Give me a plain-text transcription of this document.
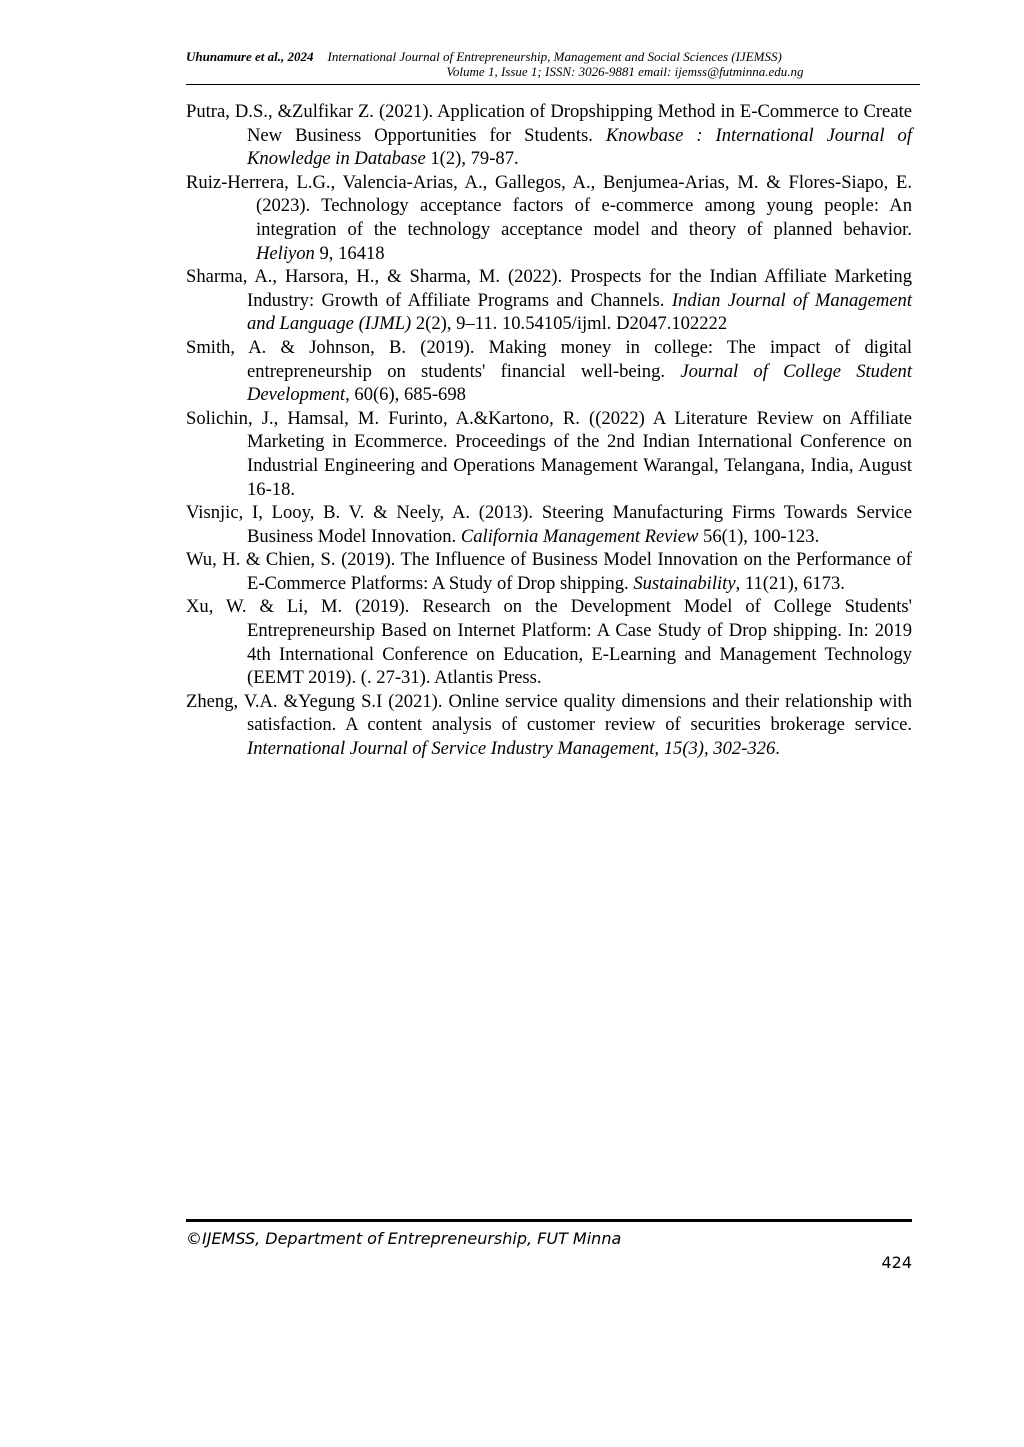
Uhunamure et al., 2024 International Journal of Entrepreneurship, Management and Social Sciences (IJEMSS)
Volume 1, Issue 1; ISSN: 3026-9881 email: ijemss@futminna.edu.ng

Putra, D.S., &Zulfikar Z. (2021). Application of Dropshipping Method in E-Commerce to Create New Business Opportunities for Students. Knowbase : International Journal of Knowledge in Database 1(2), 79-87.

Ruiz-Herrera, L.G., Valencia-Arias, A., Gallegos, A., Benjumea-Arias, M. & Flores-Siapo, E. (2023). Technology acceptance factors of e-commerce among young people: An integration of the technology acceptance model and theory of planned behavior. Heliyon 9, 16418

Sharma, A., Harsora, H., & Sharma, M. (2022). Prospects for the Indian Affiliate Marketing Industry: Growth of Affiliate Programs and Channels. Indian Journal of Management and Language (IJML) 2(2), 9–11. 10.54105/ijml. D2047.102222

Smith, A. & Johnson, B. (2019). Making money in college: The impact of digital entrepreneurship on students' financial well-being. Journal of College Student Development, 60(6), 685-698

Solichin, J., Hamsal, M. Furinto, A.&Kartono, R. ((2022) A Literature Review on Affiliate Marketing in Ecommerce. Proceedings of the 2nd Indian International Conference on Industrial Engineering and Operations Management Warangal, Telangana, India, August 16-18.

Visnjic, I, Looy, B. V. & Neely, A. (2013). Steering Manufacturing Firms Towards Service Business Model Innovation. California Management Review 56(1), 100-123.

Wu, H. & Chien, S. (2019). The Influence of Business Model Innovation on the Performance of E-Commerce Platforms: A Study of Drop shipping. Sustainability, 11(21), 6173.

Xu, W. & Li, M. (2019). Research on the Development Model of College Students' Entrepreneurship Based on Internet Platform: A Case Study of Drop shipping. In: 2019 4th International Conference on Education, E-Learning and Management Technology (EEMT 2019). (. 27-31). Atlantis Press.

Zheng, V.A. &Yegung S.I (2021). Online service quality dimensions and their relationship with satisfaction. A content analysis of customer review of securities brokerage service. International Journal of Service Industry Management, 15(3), 302-326.

©IJEMSS, Department of Entrepreneurship, FUT Minna
424
